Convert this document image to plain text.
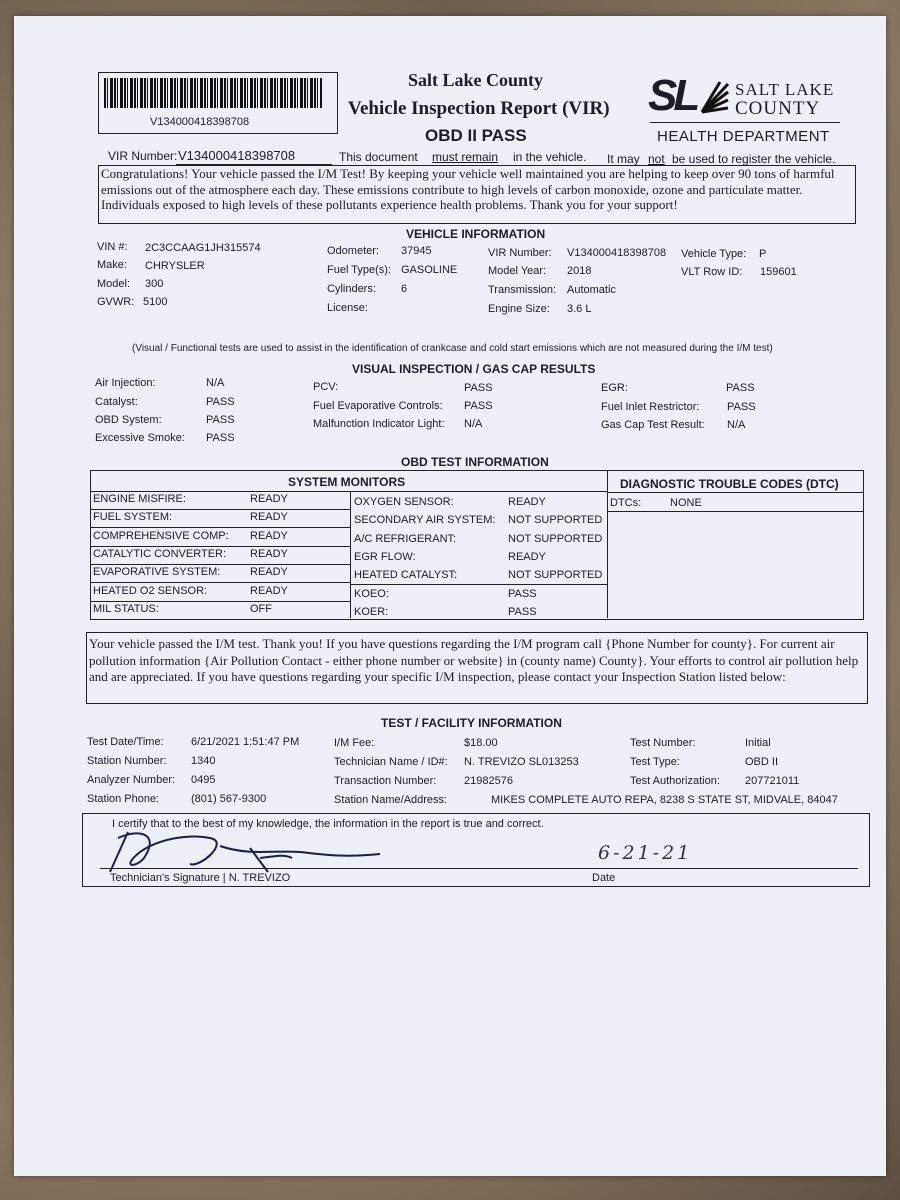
V134000418398708
Salt Lake County
Vehicle Inspection Report (VIR)
OBD II PASS
SL SALT LAKE
COUNTY
HEALTH DEPARTMENT
VIR Number: V134000418398708	This document must remain in the vehicle. It may not be used to register the vehicle.
Congratulations! Your vehicle passed the I/M Test! By keeping your vehicle well maintained you are helping to keep over 90 tons of harmful emissions out of the atmosphere each day. These emissions contribute to high levels of carbon monoxide, ozone and particulate matter. Individuals exposed to high levels of these pollutants experience health problems. Thank you for your support!
VEHICLE INFORMATION
VIN #: 2C3CCAAG1JH315574
Make: CHRYSLER
Model: 300
GVWR: 5100
Odometer: 37945
Fuel Type(s): GASOLINE
Cylinders: 6
License:
VIR Number: V134000418398708
Model Year: 2018
Transmission: Automatic
Engine Size: 3.6 L
Vehicle Type: P
VLT Row ID: 159601
(Visual / Functional tests are used to assist in the identification of crankcase and cold start emissions which are not measured during the I/M test)
VISUAL INSPECTION / GAS CAP RESULTS
Air Injection:	N/A
Catalyst:	PASS
OBD System:	PASS
Excessive Smoke: PASS
PCV:	PASS
Fuel Evaporative Controls: PASS
Malfunction Indicator Light: N/A
EGR:	PASS
Fuel Inlet Restrictor:	PASS
Gas Cap Test Result: N/A
OBD TEST INFORMATION
SYSTEM MONITORS	DIAGNOSTIC TROUBLE CODES (DTC)
DTCs:	NONE
ENGINE MISFIRE:	READY
FUEL SYSTEM:	READY
COMPREHENSIVE COMP: READY
CATALYTIC CONVERTER: READY
EVAPORATIVE SYSTEM:	READY
HEATED O2 SENSOR:	READY
MIL STATUS:	OFF
OXYGEN SENSOR:	READY
SECONDARY AIR SYSTEM: NOT SUPPORTED
A/C REFRIGERANT:	NOT SUPPORTED
EGR FLOW:	READY
HEATED CATALYST:	NOT SUPPORTED
KOEO:	PASS
KOER:	PASS
Your vehicle passed the I/M test. Thank you! If you have questions regarding the I/M program call {Phone Number for county}. For current air pollution information {Air Pollution Contact - either phone number or website} in (county name) County}. Your efforts to control air pollution help and are appreciated. If you have questions regarding your specific I/M inspection, please contact your Inspection Station listed below:
TEST / FACILITY INFORMATION
Test Date/Time: 6/21/2021 1:51:47 PM
Station Number: 1340
Analyzer Number: 0495
Station Phone:	(801) 567-9300
I/M Fee:	$18.00
Technician Name / ID#: N. TREVIZO SL013253
Transaction Number:	21982576
Station Name/Address:	MIKES COMPLETE AUTO REPA, 8238 S STATE ST, MIDVALE, 84047
Test Number:	Initial
Test Type:	OBD II
Test Authorization: 207721011
I certify that to the best of my knowledge, the information in the report is true and correct.
Technician's Signature | N. TREVIZO	Date
6-21-21
